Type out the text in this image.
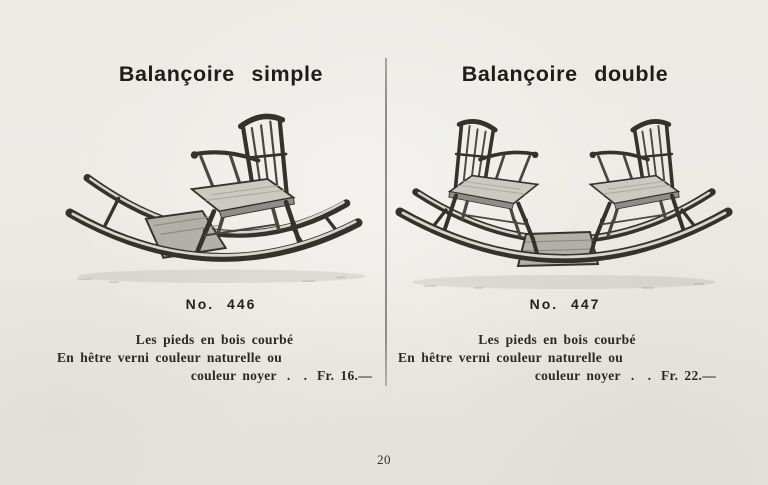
Balançoire simple
No. 446
Les pieds en bois courbé
En hêtre verni couleur naturelle ou
couleur noyer . . Fr. 16.—
Balançoire double
No. 447
Les pieds en bois courbé
En hêtre verni couleur naturelle ou
couleur noyer . . Fr. 22.—
20
